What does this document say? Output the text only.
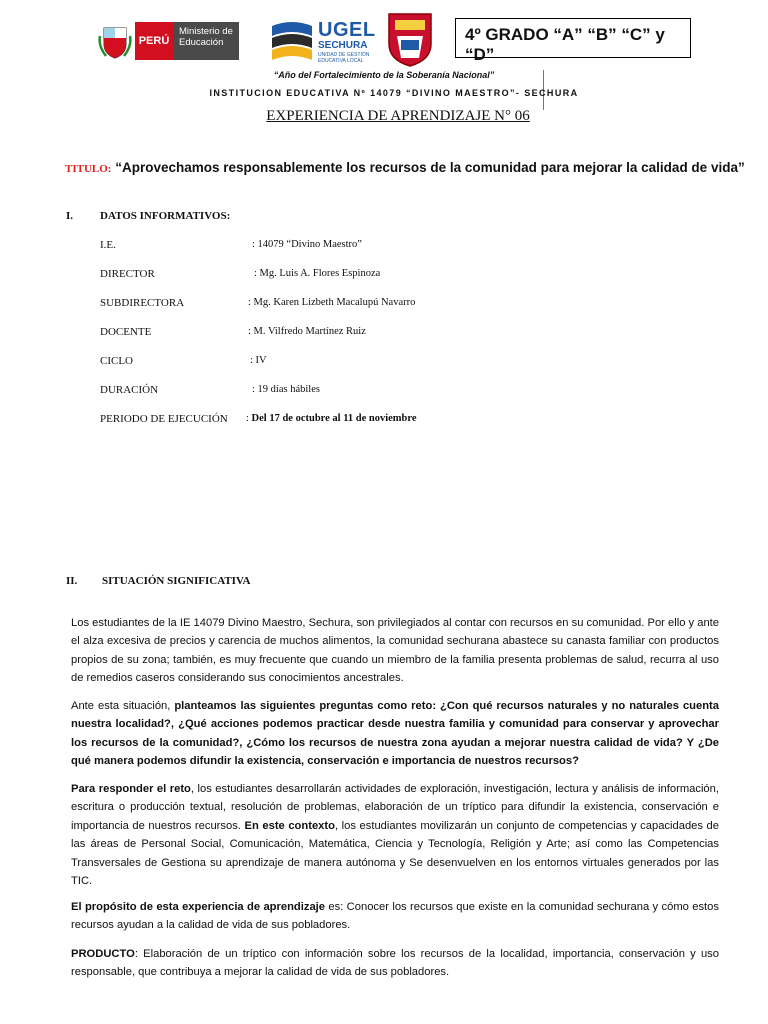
PERÚ
Ministerio de Educación
UGEL
SECHURA
UNIDAD DE GESTIÓN EDUCATIVA LOCAL
4º GRADO “A” “B” “C” y “D”
“Año del Fortalecimiento de la Soberanía Nacional”
INSTITUCION EDUCATIVA Nº 14079 “DIVINO MAESTRO”- SECHURA
EXPERIENCIA DE APRENDIZAJE N° 06
TITULO: “Aprovechamos responsablemente los recursos de la comunidad para mejorar la calidad de vida”
I. DATOS INFORMATIVOS:
I.E.	: 14079 “Divino Maestro”
DIRECTOR	: Mg. Luis A. Flores Espinoza
SUBDIRECTORA	: Mg. Karen Lizbeth Macalupú Navarro
DOCENTE	: M. Vilfredo Martínez Ruiz
CICLO	: IV
DURACIÓN	: 19 días hábiles
PERIODO DE EJECUCIÓN : Del 17 de octubre al 11 de noviembre
II. SITUACIÓN SIGNIFICATIVA
Los estudiantes de la IE 14079 Divino Maestro, Sechura, son privilegiados al contar con recursos en su comunidad. Por ello y ante el alza excesiva de precios y carencia de muchos alimentos, la comunidad sechurana abastece su canasta familiar con productos propios de su zona; también, es muy frecuente que cuando un miembro de la familia presenta problemas de salud, recurra al uso de remedios caseros considerando sus conocimientos ancestrales.
Ante esta situación, planteamos las siguientes preguntas como reto: ¿Con qué recursos naturales y no naturales cuenta nuestra localidad?, ¿Qué acciones podemos practicar desde nuestra familia y comunidad para conservar y aprovechar los recursos de la comunidad?, ¿Cómo los recursos de nuestra zona ayudan a mejorar nuestra calidad de vida? Y ¿De qué manera podemos difundir la existencia, conservación e importancia de nuestros recursos?
Para responder el reto, los estudiantes desarrollarán actividades de exploración, investigación, lectura y análisis de información, escritura o producción textual, resolución de problemas, elaboración de un tríptico para difundir la existencia, conservación e importancia de nuestros recursos. En este contexto, los estudiantes movilizarán un conjunto de competencias y capacidades de las áreas de Personal Social, Comunicación, Matemática, Ciencia y Tecnología, Religión y Arte; así como las Competencias Transversales de Gestiona su aprendizaje de manera autónoma y Se desenvuelven en los entornos virtuales generados por las TIC.
El propósito de esta experiencia de aprendizaje es: Conocer los recursos que existe en la comunidad sechurana y cómo estos recursos ayudan a la calidad de vida de sus pobladores.
PRODUCTO: Elaboración de un tríptico con información sobre los recursos de la localidad, importancia, conservación y uso responsable, que contribuya a mejorar la calidad de vida de sus pobladores.
